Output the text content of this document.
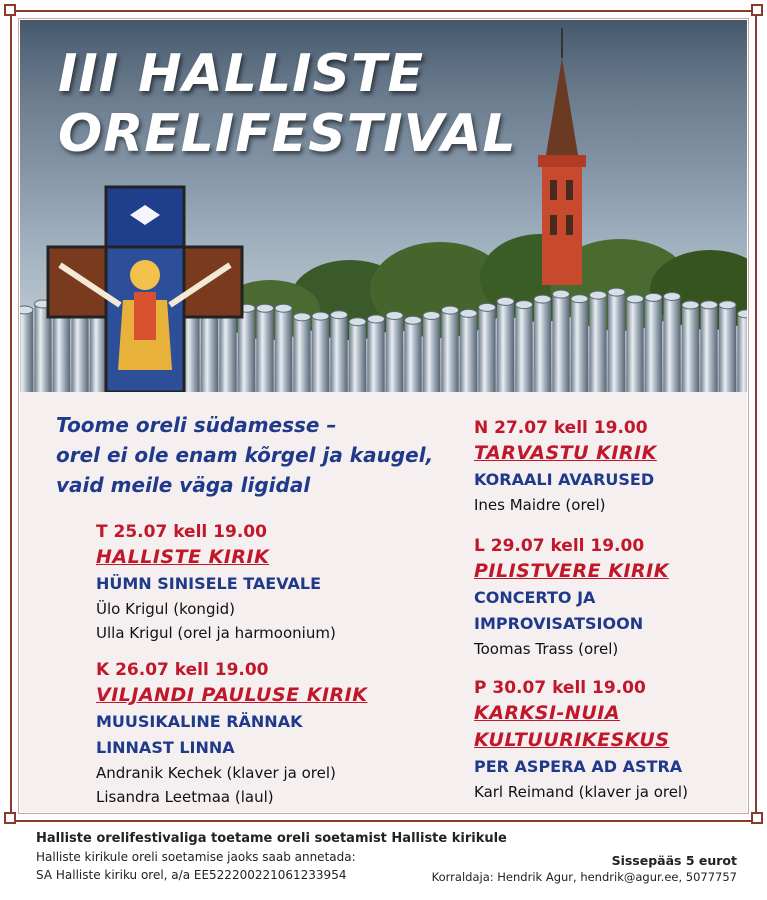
III HALLISTE
ORELIFESTIVAL
Toome oreli südamesse –
orel ei ole enam kõrgel ja kaugel,
vaid meile väga ligidal
T 25.07 kell 19.00
HALLISTE KIRIK
HÜMN SINISELE TAEVALE
Ülo Krigul (kongid)
Ulla Krigul (orel ja harmoonium)
K 26.07 kell 19.00
VILJANDI PAULUSE KIRIK
MUUSIKALINE RÄNNAK
LINNAST LINNA
Andranik Kechek (klaver ja orel)
Lisandra Leetmaa (laul)
N 27.07 kell 19.00
TARVASTU KIRIK
KORAALI AVARUSED
Ines Maidre (orel)
L 29.07 kell 19.00
PILISTVERE KIRIK
CONCERTO JA
IMPROVISATSIOON
Toomas Trass (orel)
P 30.07 kell 19.00
KARKSI-NUIA
KULTUURIKESKUS
PER ASPERA AD ASTRA
Karl Reimand (klaver ja orel)
Halliste orelifestivaliga toetame oreli soetamist Halliste kirikule
Halliste kirikule oreli soetamise jaoks saab annetada:
SA Halliste kiriku orel, a/a EE522200221061233954
Sissepääs 5 eurot
Korraldaja: Hendrik Agur, hendrik@agur.ee, 5077757
